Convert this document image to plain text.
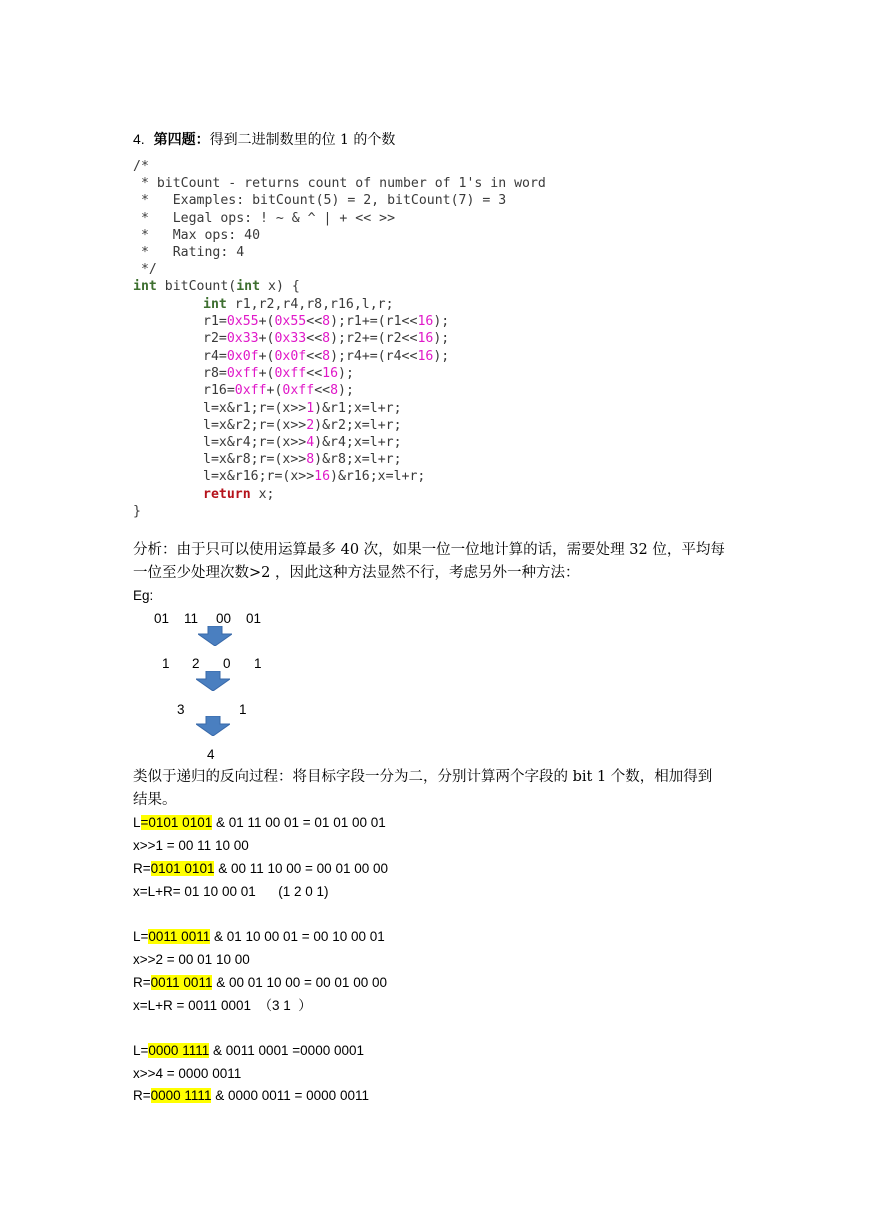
4. 第四题：得到二进制数里的位 1 的个数
/*
* bitCount - returns count of number of 1's in word
*   Examples: bitCount(5) = 2, bitCount(7) = 3
*   Legal ops: ! ~ & ^ | + << >>
*   Max ops: 40
*   Rating: 4
*/
int bitCount(int x) {
int r1,r2,r4,r8,r16,l,r;
r1=0x55+(0x55<<8);r1+=(r1<<16);
r2=0x33+(0x33<<8);r2+=(r2<<16);
r4=0x0f+(0x0f<<8);r4+=(r4<<16);
r8=0xff+(0xff<<16);
r16=0xff+(0xff<<8);
l=x&r1;r=(x>>1)&r1;x=l+r;
l=x&r2;r=(x>>2)&r2;x=l+r;
l=x&r4;r=(x>>4)&r4;x=l+r;
l=x&r8;r=(x>>8)&r8;x=l+r;
l=x&r16;r=(x>>16)&r16;x=l+r;
return x;
}
分析：由于只可以使用运算最多 40 次，如果一位一位地计算的话，需要处理 32 位，平均每
一位至少处理次数>2 ，因此这种方法显然不行，考虑另外一种方法：
Eg:
01 11 00 01
1 2 0 1
3	1
4
类似于递归的反向过程：将目标字段一分为二，分别计算两个字段的 bit 1 个数，相加得到
结果。
L=0101 0101 & 01 11 00 01 = 01 01 00 01
x>>1 = 00 11 10 00
R=0101 0101 & 00 11 10 00 = 00 01 00 00
x=L+R= 01 10 00 01      (1 2 0 1)
L=0011 0011 & 01 10 00 01 = 00 10 00 01
x>>2 = 00 01 10 00
R=0011 0011 & 00 01 10 00 = 00 01 00 00
x=L+R = 0011 0001  （3 1  ）
L=0000 1111 & 0011 0001 =0000 0001
x>>4 = 0000 0011
R=0000 1111 & 0000 0011 = 0000 0011
